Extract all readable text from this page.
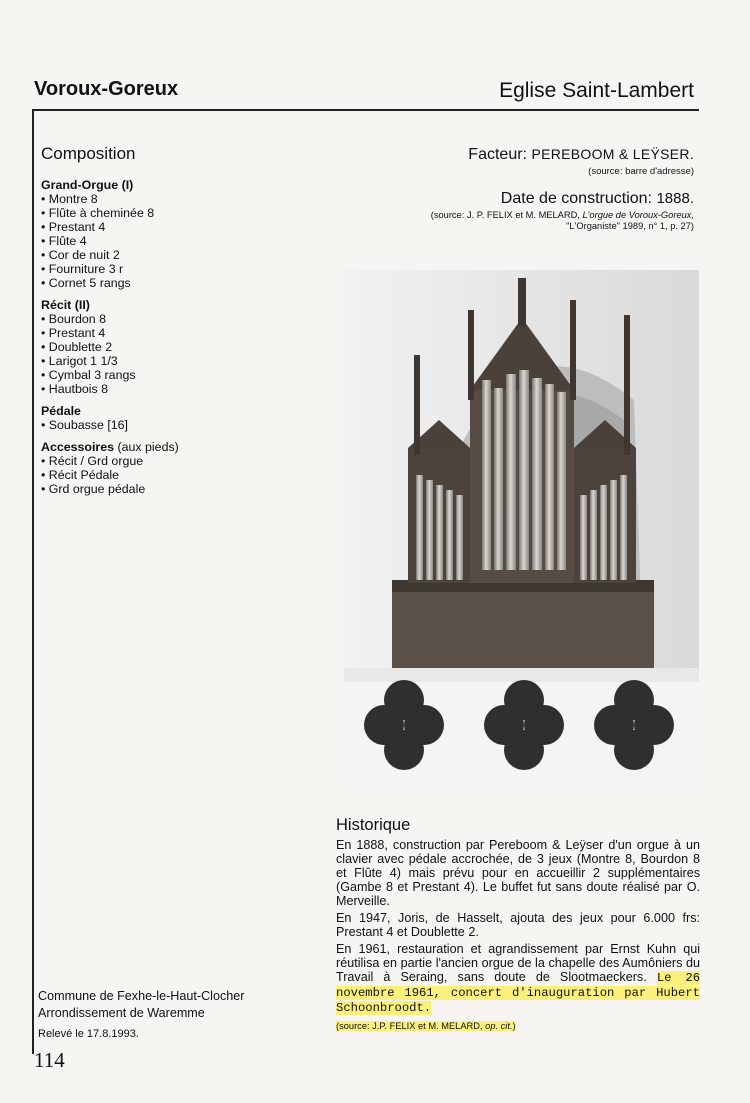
Voroux-Goreux	Eglise Saint-Lambert
Composition
Grand-Orgue (I)
• Montre 8
• Flûte à cheminée 8
• Prestant 4
• Flûte 4
• Cor de nuit 2
• Fourniture 3 r
• Cornet 5 rangs
Récit (II)
• Bourdon 8
• Prestant 4
• Doublette 2
• Larigot 1 1/3
• Cymbal 3 rangs
• Hautbois 8
Pédale
• Soubasse [16]
Accessoires (aux pieds)
• Récit / Grd orgue
• Récit Pédale
• Grd orgue pédale
Facteur: PEREBOOM & LEŸSER.
(source: barre d'adresse)
Date de construction: 1888.
(source: J. P. FELIX et M. MELARD, L'orgue de Voroux-Goreux,
"L'Organiste" 1989, n° 1, p. 27)
Historique

En 1888, construction par Pereboom & Leÿser d'un orgue à un clavier avec pédale accrochée, de 3 jeux (Montre 8, Bourdon 8 et Flûte 4) mais prévu pour en accueillir 2 supplémentaires (Gambe 8 et Prestant 4). Le buffet fut sans doute réalisé par O. Merveille.

En 1947, Joris, de Hasselt, ajouta des jeux pour 6.000 frs: Prestant 4 et Doublette 2.

En 1961, restauration et agrandissement par Ernst Kuhn qui réutilisa en partie l'ancien orgue de la chapelle des Aumôniers du Travail à Seraing, sans doute de Slootmaeckers. Le 26 novembre 1961, concert d'inauguration par Hubert Schoonbroodt.

(source: J.P. FELIX et M. MELARD, op. cit.)
Commune de Fexhe-le-Haut-Clocher
Arrondissement de Waremme
Relevé le 17.8.1993.
114
